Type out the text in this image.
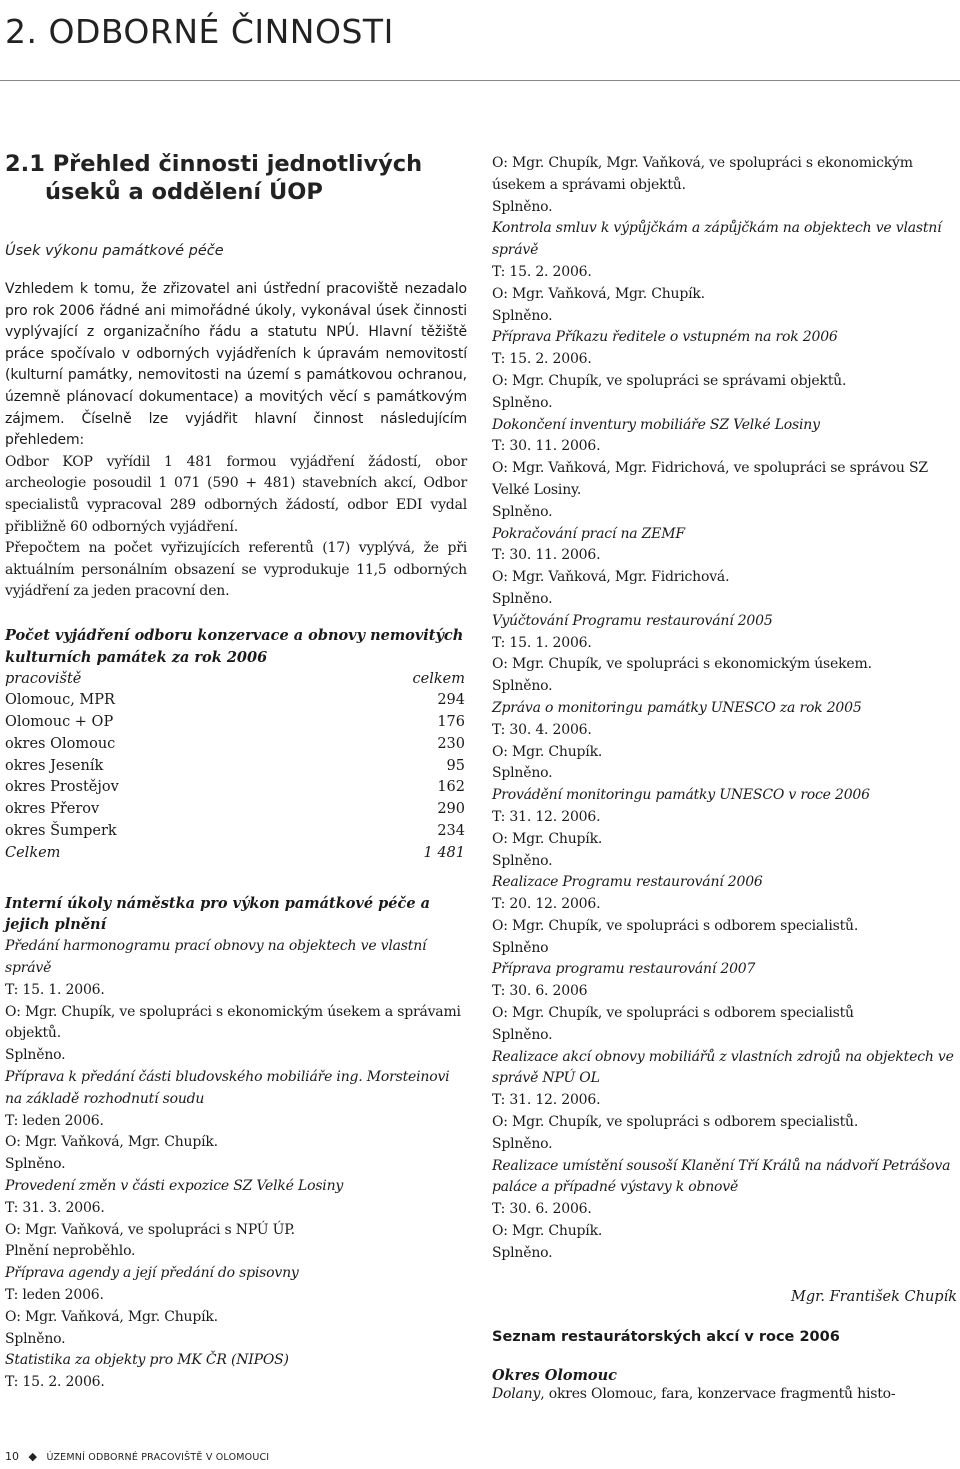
2. ODBORNÉ ČINNOSTI
2.1 Přehled činnosti jednotlivých
úseků a oddělení ÚOP
Úsek výkonu památkové péče

Vzhledem k tomu, že zřizovatel ani ústřední pracoviště nezadalo pro rok 2006 řádné ani mimořádné úkoly, vykonával úsek činnosti vyplývající z organizačního řádu a statutu NPÚ. Hlavní těžiště práce spočívalo v odborných vyjádřeních k úpravám nemovitostí (kulturní památky, nemovitosti na území s památkovou ochranou, územně plánovací dokumentace) a movitých věcí s památkovým zájmem. Číselně lze vyjádřit hlavní činnost následujícím přehledem:

Odbor KOP vyřídil 1 481 formou vyjádření žádostí, obor archeologie posoudil 1 071 (590 + 481) stavebních akcí, Odbor specialistů vypracoval 289 odborných žádostí, odbor EDI vydal přibližně 60 odborných vyjádření.

Přepočtem na počet vyřizujících referentů (17) vyplývá, že při aktuálním personálním obsazení se vyprodukuje 11,5 odborných vyjádření za jeden pracovní den.

Počet vyjádření odboru konzervace a obnovy nemovitých kulturních památek za rok 2006
pracoviště	celkem
Olomouc, MPR	294
Olomouc + OP	176
okres Olomouc	230
okres Jeseník	95
okres Prostějov	162
okres Přerov	290
okres Šumperk	234
Celkem	1 481
Interní úkoly náměstka pro výkon památkové péče a jejich plnění
Předání harmonogramu prací obnovy na objektech ve vlastní správě
T: 15. 1. 2006.
O: Mgr. Chupík, ve spolupráci s ekonomickým úsekem a správami objektů.
Splněno.
Příprava k předání části bludovského mobiliáře ing. Morsteinovi na základě rozhodnutí soudu
T: leden 2006.
O: Mgr. Vaňková, Mgr. Chupík.
Splněno.
Provedení změn v části expozice SZ Velké Losiny
T: 31. 3. 2006.
O: Mgr. Vaňková, ve spolupráci s NPÚ ÚP.
Plnění neproběhlo.
Příprava agendy a její předání do spisovny
T: leden 2006.
O: Mgr. Vaňková, Mgr. Chupík.
Splněno.
Statistika za objekty pro MK ČR (NIPOS)
T: 15. 2. 2006.
O: Mgr. Chupík, Mgr. Vaňková, ve spolupráci s ekonomickým úsekem a správami objektů.
Splněno.
Kontrola smluv k výpůjčkám a zápůjčkám na objektech ve vlastní správě
T: 15. 2. 2006.
O: Mgr. Vaňková, Mgr. Chupík.
Splněno.
Příprava Příkazu ředitele o vstupném na rok 2006
T: 15. 2. 2006.
O: Mgr. Chupík, ve spolupráci se správami objektů.
Splněno.
Dokončení inventury mobiliáře SZ Velké Losiny
T: 30. 11. 2006.
O: Mgr. Vaňková, Mgr. Fidrichová, ve spolupráci se správou SZ Velké Losiny.
Splněno.
Pokračování prací na ZEMF
T: 30. 11. 2006.
O: Mgr. Vaňková, Mgr. Fidrichová.
Splněno.
Vyúčtování Programu restaurování 2005
T: 15. 1. 2006.
O: Mgr. Chupík, ve spolupráci s ekonomickým úsekem.
Splněno.
Zpráva o monitoringu památky UNESCO za rok 2005
T: 30. 4. 2006.
O: Mgr. Chupík.
Splněno.
Provádění monitoringu památky UNESCO v roce 2006
T: 31. 12. 2006.
O: Mgr. Chupík.
Splněno.
Realizace Programu restaurování 2006
T: 20. 12. 2006.
O: Mgr. Chupík, ve spolupráci s odborem specialistů.
Splněno
Příprava programu restaurování 2007
T: 30. 6. 2006
O: Mgr. Chupík, ve spolupráci s odborem specialistů
Splněno.
Realizace akcí obnovy mobiliářů z vlastních zdrojů na objektech ve správě NPÚ OL
T: 31. 12. 2006.
O: Mgr. Chupík, ve spolupráci s odborem specialistů.
Splněno.
Realizace umístění sousoší Klanění Tří Králů na nádvoří Petrášova paláce a případné výstavy k obnově
T: 30. 6. 2006.
O: Mgr. Chupík.
Splněno.
Mgr. František Chupík
Seznam restaurátorských akcí v roce 2006
Okres Olomouc
Dolany, okres Olomouc, fara, konzervace fragmentů histo-
10 ◆ ÚZEMNÍ ODBORNÉ PRACOVIŠTĚ V OLOMOUCI
